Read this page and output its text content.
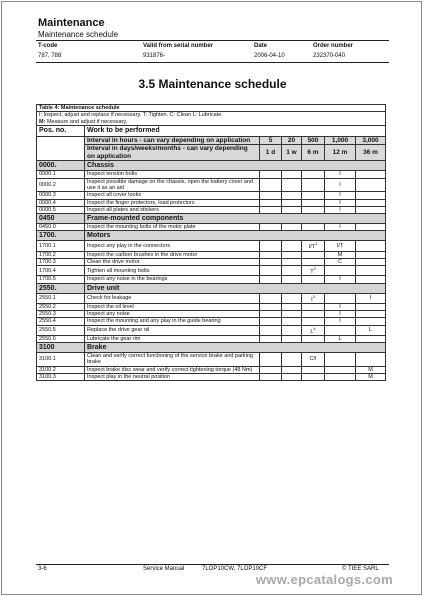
Maintenance
Maintenance schedule
T-code	Valid from serial number	Date	Order number
787, 788	931876-	2006-04-10	232370-040
3.5 Maintenance schedule
Table 4: Maintenance schedule						
I: Inspect, adjust and replace if necessary. T: Tighten. C: Clean L: Lubricate.
M: Measure and adjust if necessary.						
Pos. no.	Work to be performed					
	Interval in hours - can vary depending on application	5	20	500	1,000	3,000
	Interval in days/weeks/months - can vary depending on application	1 d	1 w	6 m	12 m	36 m
0000.	Chassis					
0000.1	Inspect tension bolts				I	
0000.2	Inspect possible damage on the chassis, open the battery cover and use it as an aid				I	
0000.3	Inspect all cover looks				I	
0000.4	Inspect the finger protectors, load protectors				I	
0000.5	Inspect all plates and stickers				I	
0450	Frame-mounted components					
0450.0	Inspect the mounting bolts of the motor plate				I	
1700.	Motors					
1700.1	Inspect any play in the connectors			$I/T^1$	I/T	
1700.2	Inspect the carbon brushes in the drive motor				M	
1700.3	Clean the drive motor				C	
1700.4	Tighten all mounting bolts			$T^2$		
1700.5	Inspect any noise in the bearings				I	
2550.	Drive unit					
2550.1	Check for leakage			$I^3$		I
2550.2	Inspect the oil level				I	
2550.3	Inspect any noise				I	
2550.4	Inspect the mounting and any play in the guide bearing				I	
2550.5	Replace the drive gear oil			$L^4$		L
2550.6	Lubricate the gear rim				L	
3100	Brake					
3100.1	Clean and verify correct functioning of the service brake and parking brake			C/I		
3100.2	Inspect brake disc wear and verify correct tightening torque (48 Nm)					M
3100.3	Inspect play in the neutral position					M
3-6	Service Manual	7LOP10CW, 7LOP10CF	© TIEE SARL
www.epcatalogs.com
